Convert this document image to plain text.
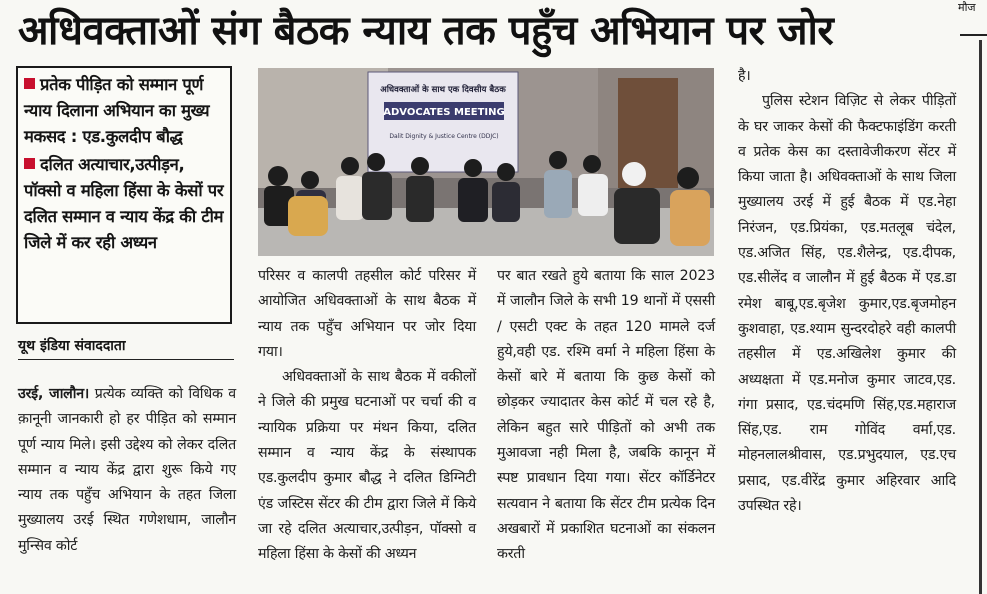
अधिवक्ताओं संग बैठक न्याय तक पहुँच अभियान पर जोर
मौज
प्रतेक पीड़ित को सम्मान पूर्ण न्याय दिलाना अभियान का मुख्य मकसद : एड.कुलदीप बौद्ध
दलित अत्याचार,उत्पीड़न, पॉक्सो व महिला हिंसा के केसों पर दलित सम्मान व न्याय केंद्र की टीम जिले में कर रही अध्यन
यूथ इंडिया संवाददाता
अधिवक्ताओं के साथ एक दिवसीय बैठक
ADVOCATES MEETING
Dalit Dignity & Justice Centre (DDJC)

उरई, जालौन। प्रत्येक व्यक्ति को विधिक व क़ानूनी जानकारी हो हर पीड़ित को सम्मान पूर्ण न्याय मिले। इसी उद्देश्य को लेकर दलित सम्मान व न्याय केंद्र द्वारा शुरू किये गए न्याय तक पहुँच अभियान के तहत जिला मुख्यालय उरई स्थित गणेशधाम, जालौन मुन्सिव कोर्ट

परिसर व कालपी तहसील कोर्ट परिसर में आयोजित अधिवक्ताओं के साथ बैठक में न्याय तक पहुँच अभियान पर जोर दिया गया।

अधिवक्ताओं के साथ बैठक में वकीलों ने जिले की प्रमुख घटनाओं पर चर्चा की व न्यायिक प्रक्रिया पर मंथन किया, दलित सम्मान व न्याय केंद्र के संस्थापक एड.कुलदीप कुमार बौद्ध ने दलित डिग्निटी एंड जस्टिस सेंटर की टीम द्वारा जिले में किये जा रहे दलित अत्याचार,उत्पीड़न, पॉक्सो व महिला हिंसा के केसों की अध्यन

पर बात रखते हुये बताया कि साल 2023 में जालौन जिले के सभी 19 थानों में एससी / एसटी एक्ट के तहत 120 मामले दर्ज हुये,वही एड. रश्मि वर्मा ने महिला हिंसा के केसों बारे में बताया कि कुछ केसों को छोड़कर ज्यादातर केस कोर्ट में चल रहे है, लेकिन बहुत सारे पीड़ितों को अभी तक मुआवजा नही मिला है, जबकि कानून में स्पष्ट प्रावधान दिया गया। सेंटर कॉर्डिनेटर सत्यवान ने बताया कि सेंटर टीम प्रत्येक दिन अखबारों में प्रकाशित घटनाओं का संकलन करती

है।

पुलिस स्टेशन विज़िट से लेकर पीड़ितों के घर जाकर केसों की फैक्टफाइंडिंग करती व प्रतेक केस का दस्तावेजीकरण सेंटर में किया जाता है। अधिवक्ताओं के साथ जिला मुख्यालय उरई में हुई बैठक में एड.नेहा निरंजन, एड.प्रियंका, एड.मतलूब चंदेल, एड.अजित सिंह, एड.शैलेन्द्र, एड.दीपक, एड.सीलेंद व जालौन में हुई बैठक में एड.डा रमेश बाबू,एड.बृजेश कुमार,एड.बृजमोहन कुशवाहा, एड.श्याम सुन्दरदोहरे वही कालपी तहसील में एड.अखिलेश कुमार की अध्यक्षता में एड.मनोज कुमार जाटव,एड. गंगा प्रसाद, एड.चंदमणि सिंह,एड.महाराज सिंह,एड. राम गोविंद वर्मा,एड. मोहनलालश्रीवास, एड.प्रभुदयाल, एड.एच प्रसाद, एड.वीरेंद्र कुमार अहिरवार आदि उपस्थित रहे।
